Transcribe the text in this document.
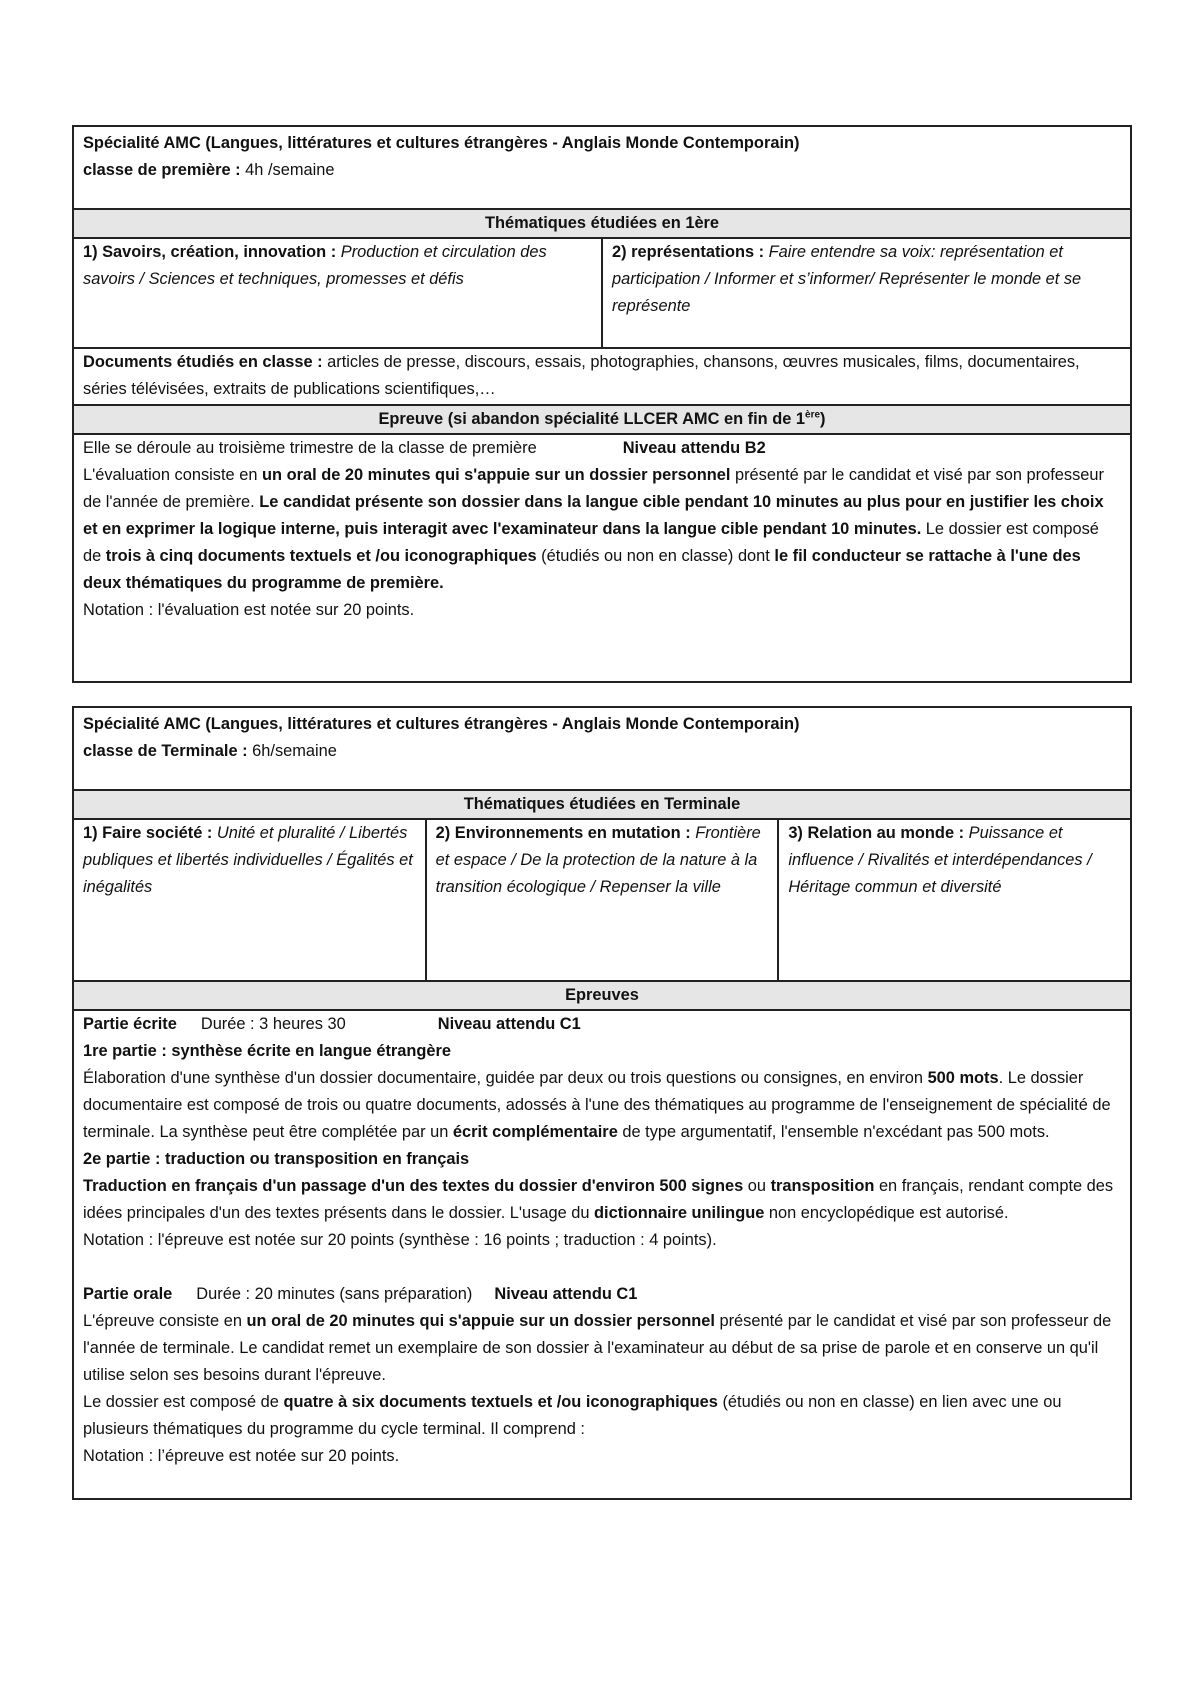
Spécialité AMC (Langues, littératures et cultures étrangères - Anglais Monde Contemporain)
classe de première : 4h /semaine

Thématiques étudiées en 1ère
1) Savoirs, création, innovation : Production et circulation des savoirs / Sciences et techniques, promesses et défis	2) représentations : Faire entendre sa voix: représentation et participation / Informer et s’informer/ Représenter le monde et se représente
Documents étudiés en classe : articles de presse, discours, essais, photographies, chansons, œuvres musicales, films, documentaires, séries télévisées, extraits de publications scientifiques,…
Epreuve (si abandon spécialité LLCER AMC en fin de 1ère)

Elle se déroule au troisième trimestre de la classe de première	Niveau attendu B2
L'évaluation consiste en un oral de 20 minutes qui s'appuie sur un dossier personnel présenté par le candidat et visé par son professeur de l'année de première. Le candidat présente son dossier dans la langue cible pendant 10 minutes au plus pour en justifier les choix et en exprimer la logique interne, puis interagit avec l'examinateur dans la langue cible pendant 10 minutes. Le dossier est composé de trois à cinq documents textuels et /ou iconographiques (étudiés ou non en classe) dont le fil conducteur se rattache à l'une des deux thématiques du programme de première.
Notation : l'évaluation est notée sur 20 points.
Spécialité AMC (Langues, littératures et cultures étrangères - Anglais Monde Contemporain)
classe de Terminale : 6h/semaine

Thématiques étudiées en Terminale
1) Faire société : Unité et pluralité / Libertés publiques et libertés individuelles / Égalités et inégalités	2) Environnements en mutation : Frontière et espace / De la protection de la nature à la transition écologique / Repenser la ville	3) Relation au monde : Puissance et influence / Rivalités et interdépendances / Héritage commun et diversité
Epreuves

Partie écrite Durée : 3 heures 30	Niveau attendu C1
1re partie : synthèse écrite en langue étrangère
Élaboration d'une synthèse d'un dossier documentaire, guidée par deux ou trois questions ou consignes, en environ 500 mots. Le dossier documentaire est composé de trois ou quatre documents, adossés à l'une des thématiques au programme de l'enseignement de spécialité de terminale. La synthèse peut être complétée par un écrit complémentaire de type argumentatif, l'ensemble n'excédant pas 500 mots.
2e partie : traduction ou transposition en français
Traduction en français d'un passage d'un des textes du dossier d'environ 500 signes ou transposition en français, rendant compte des idées principales d'un des textes présents dans le dossier. L'usage du dictionnaire unilingue non encyclopédique est autorisé.
Notation : l'épreuve est notée sur 20 points (synthèse : 16 points ; traduction : 4 points).
Partie orale Durée : 20 minutes (sans préparation) Niveau attendu C1
L'épreuve consiste en un oral de 20 minutes qui s'appuie sur un dossier personnel présenté par le candidat et visé par son professeur de l'année de terminale. Le candidat remet un exemplaire de son dossier à l'examinateur au début de sa prise de parole et en conserve un qu'il utilise selon ses besoins durant l'épreuve.
Le dossier est composé de quatre à six documents textuels et /ou iconographiques (étudiés ou non en classe) en lien avec une ou plusieurs thématiques du programme du cycle terminal. Il comprend :
Notation : l’épreuve est notée sur 20 points.
